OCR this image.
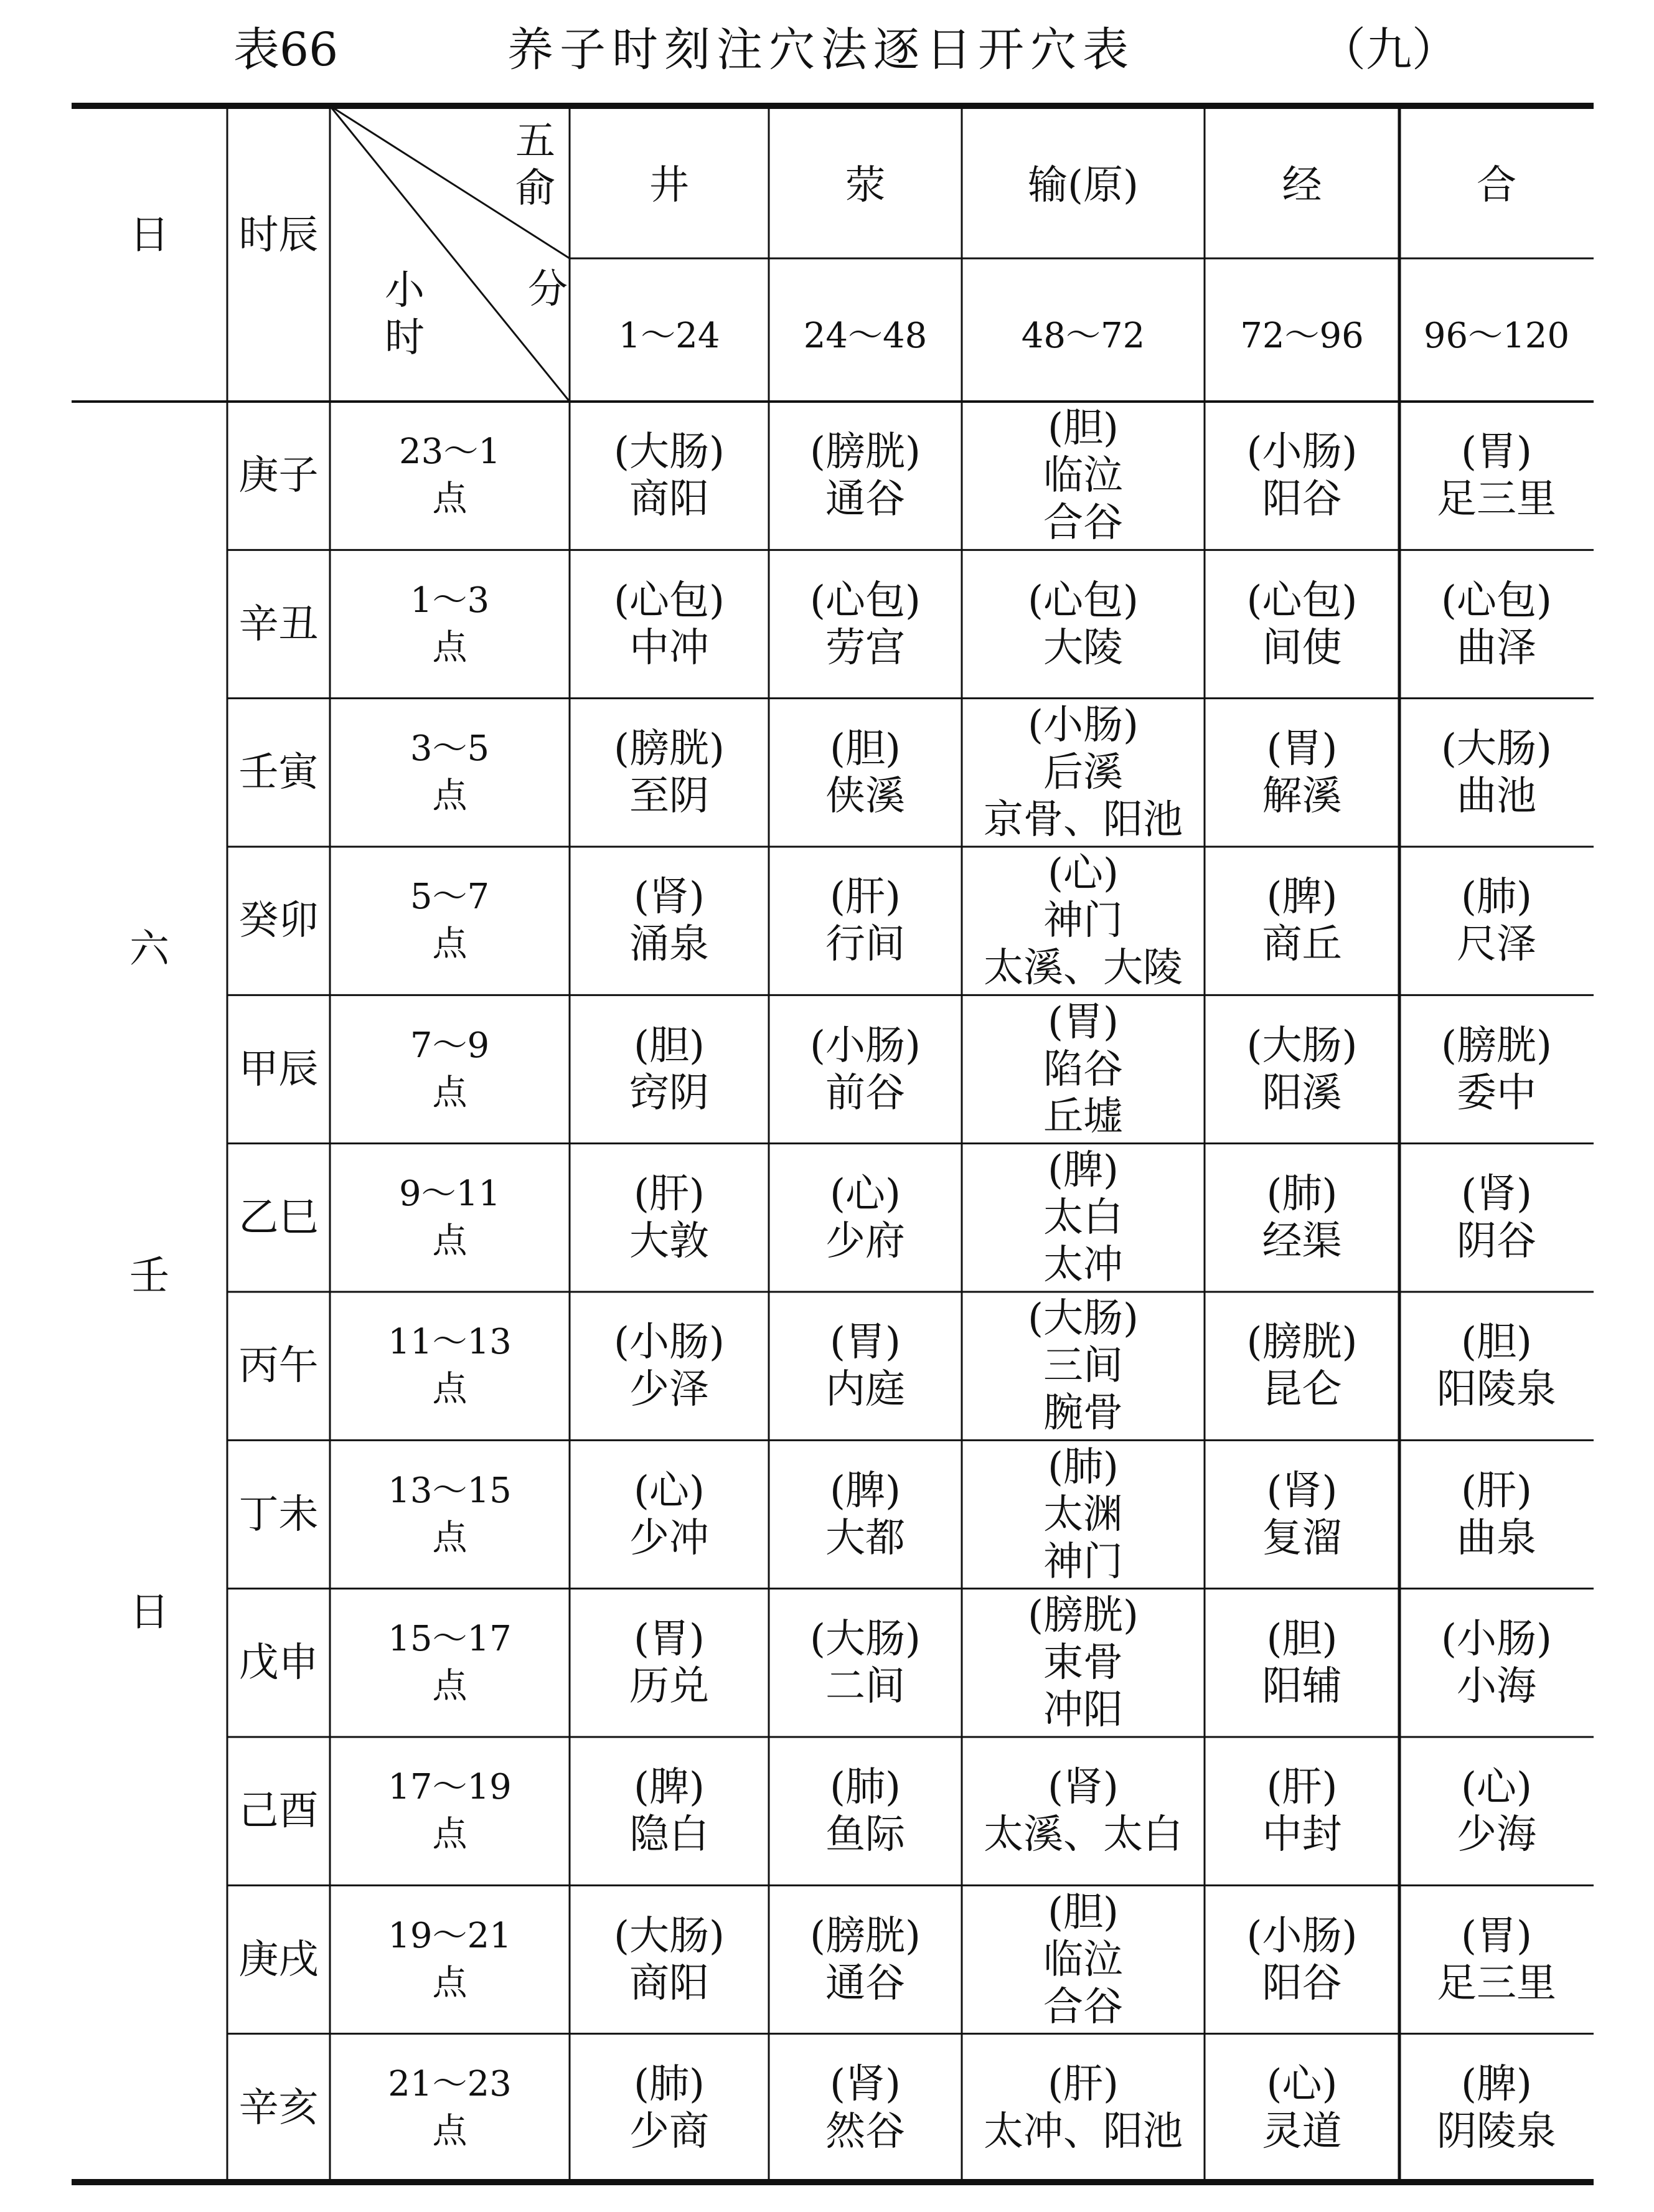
表66	养子时刻注穴法逐日开穴表	（九）
日 时辰
五
俞
分
小
时
井
1～24
荥
24～48
输(原)
48～72
经
72～96
合
96～120
六
壬
日
庚子
23～1
点
(大肠)
商阳
(膀胱)
通谷
(胆)
临泣
合谷
(小肠)
阳谷
(胃)
足三里
辛丑
1～3
点
(心包)
中冲
(心包)
劳宫
(心包)
大陵
(心包)
间使
(心包)
曲泽
壬寅
3～5
点
(膀胱)
至阴
(胆)
侠溪
(小肠)
后溪
京骨、阳池
(胃)
解溪
(大肠)
曲池
癸卯
5～7
点
(肾)
涌泉
(肝)
行间
(心)
神门
太溪、大陵
(脾)
商丘
(肺)
尺泽
甲辰
7～9
点
(胆)
窍阴
(小肠)
前谷
(胃)
陷谷
丘墟
(大肠)
阳溪
(膀胱)
委中
乙巳
9～11
点
(肝)
大敦
(心)
少府
(脾)
太白
太冲
(肺)
经渠
(肾)
阴谷
丙午
11～13
点
(小肠)
少泽
(胃)
内庭
(大肠)
三间
腕骨
(膀胱)
昆仑
(胆)
阳陵泉
丁未
13～15
点
(心)
少冲
(脾)
大都
(肺)
太渊
神门
(肾)
复溜
(肝)
曲泉
戊申
15～17
点
(胃)
历兑
(大肠)
二间
(膀胱)
束骨
冲阳
(胆)
阳辅
(小肠)
小海
己酉
17～19
点
(脾)
隐白
(肺)
鱼际
(肾)
太溪、太白
(肝)
中封
(心)
少海
庚戌
19～21
点
(大肠)
商阳
(膀胱)
通谷
(胆)
临泣
合谷
(小肠)
阳谷
(胃)
足三里
辛亥
21～23
点
(肺)
少商
(肾)
然谷
(肝)
太冲、阳池
(心)
灵道
(脾)
阴陵泉
